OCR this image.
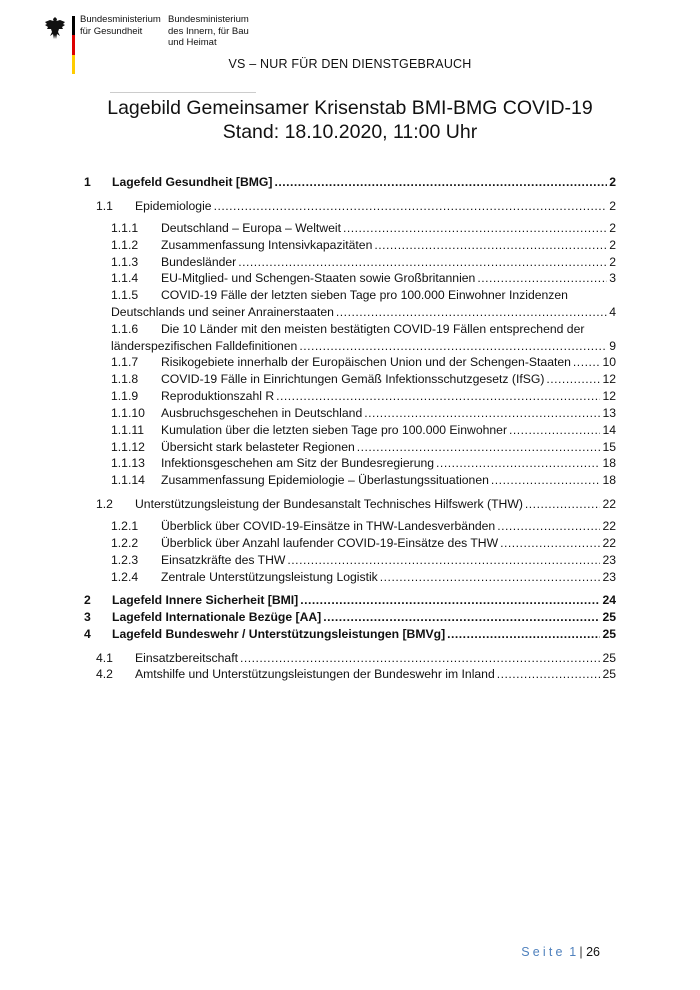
Bundesministerium
für Gesundheit
Bundesministerium
des Innern, für Bau
und Heimat
VS – NUR FÜR DEN DIENSTGEBRAUCH
Lagebild Gemeinsamer Krisenstab BMI-BMG COVID-19
Stand: 18.10.2020, 11:00 Uhr
1	Lagefeld Gesundheit [BMG] .....	2
1.1	Epidemiologie .....	2
1.1.1	Deutschland – Europa – Weltweit .....	2
1.1.2	Zusammenfassung Intensivkapazitäten .....	2
1.1.3	Bundesländer .....	2
1.1.4	EU-Mitglied- und Schengen-Staaten sowie Großbritannien .....	3
1.1.5	COVID-19 Fälle der letzten sieben Tage pro 100.000 Einwohner Inzidenzen
Deutschlands und seiner Anrainerstaaten .....	4
1.1.6	Die 10 Länder mit den meisten bestätigten COVID-19 Fällen entsprechend der
länderspezifischen Falldefinitionen .....	9
1.1.7	Risikogebiete innerhalb der Europäischen Union und der Schengen-Staaten .....	10
1.1.8	COVID-19 Fälle in Einrichtungen Gemäß Infektionsschutzgesetz (IfSG) .....	12
1.1.9	Reproduktionszahl R .....	12
1.1.10	Ausbruchsgeschehen in Deutschland .....	13
1.1.11	Kumulation über die letzten sieben Tage pro 100.000 Einwohner .....	14
1.1.12	Übersicht stark belasteter Regionen .....	15
1.1.13	Infektionsgeschehen am Sitz der Bundesregierung .....	18
1.1.14	Zusammenfassung Epidemiologie – Überlastungssituationen .....	18
1.2	Unterstützungsleistung der Bundesanstalt Technisches Hilfswerk (THW) .....	22
1.2.1	Überblick über COVID-19-Einsätze in THW-Landesverbänden .....	22
1.2.2	Überblick über Anzahl laufender COVID-19-Einsätze des THW .....	22
1.2.3	Einsatzkräfte des THW .....	23
1.2.4	Zentrale Unterstützungsleistung Logistik .....	23
2	Lagefeld Innere Sicherheit [BMI] .....	24
3	Lagefeld Internationale Bezüge [AA] .....	25
4	Lagefeld Bundeswehr / Unterstützungsleistungen [BMVg] .....	25
4.1	Einsatzbereitschaft .....	25
4.2	Amtshilfe und Unterstützungsleistungen der Bundeswehr im Inland .....	25
Seite 1| 26
